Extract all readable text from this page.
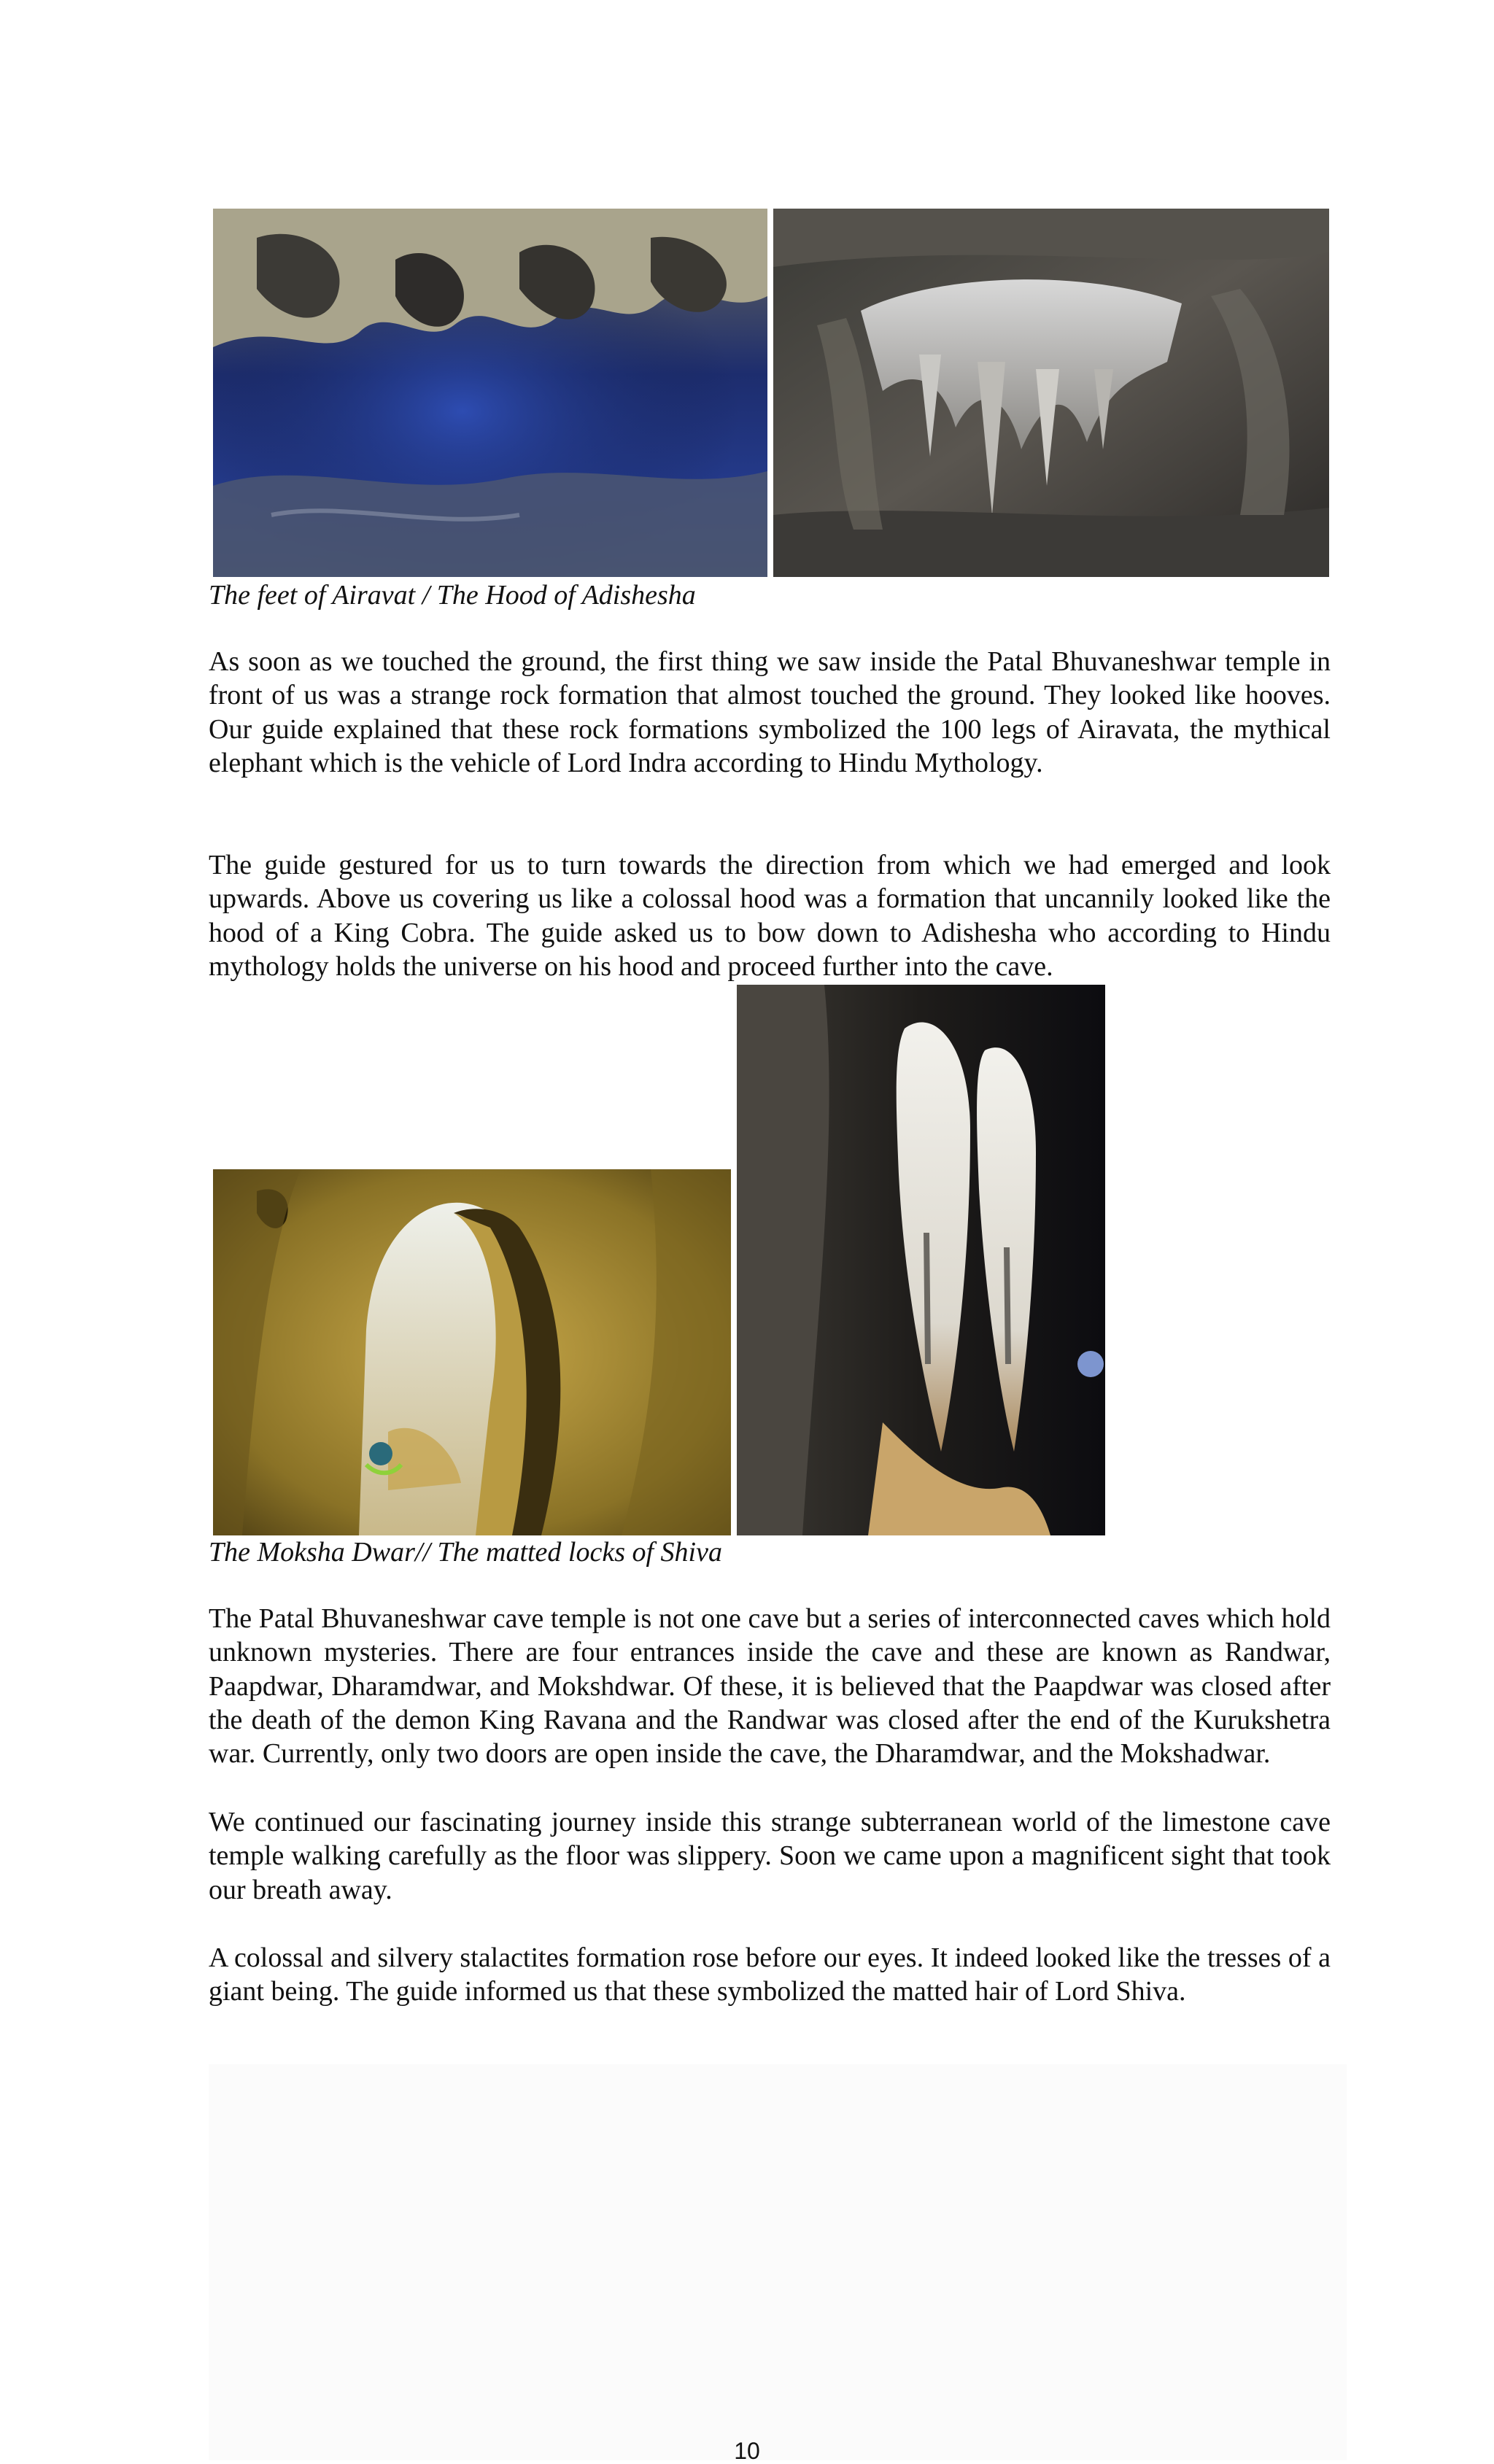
The feet of Airavat / The Hood of Adishesha

As soon as we touched the ground, the first thing we saw inside the Patal Bhuvaneshwar temple in front of us was a strange rock formation that almost touched the ground. They looked like hooves. Our guide explained that these rock formations symbolized the 100 legs of Airavata, the mythical elephant which is the vehicle of Lord Indra according to Hindu Mythology.

The guide gestured for us to turn towards the direction from which we had emerged and look upwards. Above us covering us like a colossal hood was a formation that uncannily looked like the hood of a King Cobra. The guide asked us to bow down to Adishesha who according to Hindu mythology holds the universe on his hood and proceed further into the cave.

The Moksha Dwar// The matted locks of Shiva

The Patal Bhuvaneshwar cave temple is not one cave but a series of interconnected caves which hold unknown mysteries. There are four entrances inside the cave and these are known as Randwar, Paapdwar, Dharamdwar, and Mokshdwar. Of these, it is believed that the Paapdwar was closed after the death of the demon King Ravana and the Randwar was closed after the end of the Kurukshetra war. Currently, only two doors are open inside the cave, the Dharamdwar, and the Mokshadwar.

We continued our fascinating journey inside this strange subterranean world of the limestone cave temple walking carefully as the floor was slippery. Soon we came upon a magnificent sight that took our breath away.

A colossal and silvery stalactites formation rose before our eyes. It indeed looked like the tresses of a giant being. The guide informed us that these symbolized the matted hair of Lord Shiva.

10
